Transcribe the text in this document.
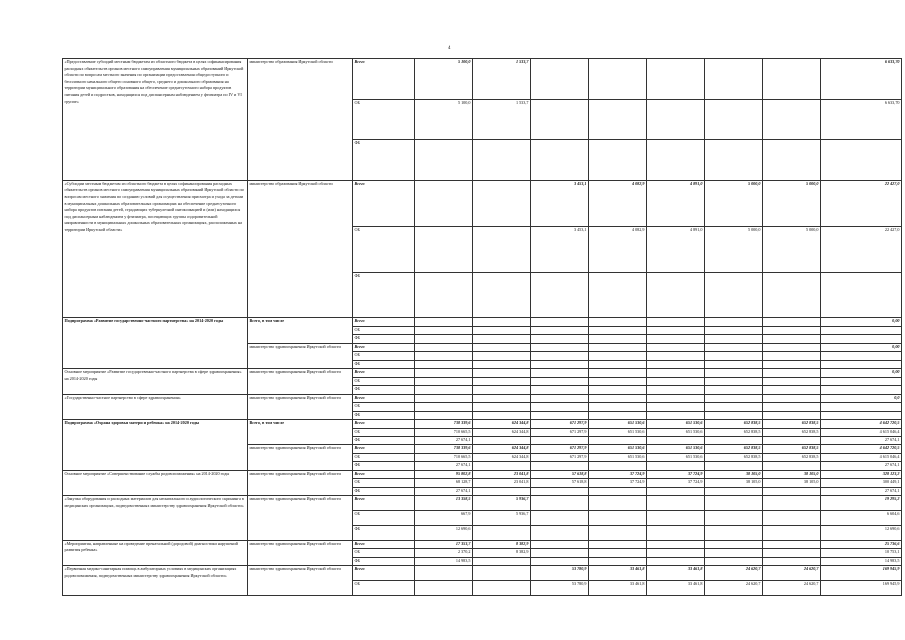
4
«Предоставление субсидий местным бюджетам из областного бюджета в целях софинансирования расходных обязательств органов местного самоуправления муниципальных образований Иркутской области по вопросам местного значения по организации предоставления общедоступного и бесплатного начального общего основного общего, среднего и дошкольного образования на территории муниципального образования на обеспечение среднесуточного набора продуктов питания детей и подростков, находящихся под диспансерным наблюдением у фтизиатра по IV и VI группе»	министерство образования Иркутской области	Всего	5 100,0	1 533,7						6 633,70
		ОБ	5 100,0	1 533,7						6 633,70
		ФБ								
«Субсидии местным бюджетам из областного бюджета в целях софинансирования расходных обязательств органов местного самоуправления муниципальных образований Иркутской области по вопросам местного значения по созданию условий для осуществления присмотра и ухода за детьми в муниципальных дошкольных образовательных организациях на обеспечение среднесуточного набора продуктов питания детей, страдающих туберкулезной интоксикацией и (или) находящихся под диспансерным наблюдением у фтизиатра, посещающих группы оздоровительной направленности в муниципальных дошкольных образовательных организациях, расположенных на территории Иркутской области»	министерство образования Иркутской области	Всего			3 453,1	4 082,9	4 891,0	5 000,0	5 000,0	22 427,0
		ОБ			3 453,1	4 082,9	4 891,0	5 000,0	5 000,0	22 427,0
		ФБ								
Подпрограмма «Развитие государственно-частного партнерства» на 2014-2020 годы	Всего, в том числе	Всего								0,00
		ОБ								
		ФБ								
	министерство здравоохранения Иркутской области	Всего								0,00
		ОБ								
		ФБ								
Основное мероприятие «Развитие государственно-частного партнерства в сфере здравоохранения» на 2014-2020 годы	министерство здравоохранения Иркутской области	Всего								0,00
		ОБ								
		ФБ								
«Государственно-частное партнерство в сфере здравоохранения»	министерство здравоохранения Иркутской области	Всего								0,0
		ОБ								
		ФБ								
Подпрограмма «Охрана здоровья матери и ребенка» на 2014-2020 годы	Всего, в том числе	Всего	738 339,6	624 344,8	671 297,9	651 530,6	651 530,6	652 838,5	652 838,5	4 642 720,5
		ОБ	710 665,5	624 344,8	671 297,9	651 530,6	651 530,6	652 838,5	652 838,5	4 615 046,4
		ФБ	27 674,1							27 674,1
	министерство здравоохранения Иркутской области	Всего	738 339,6	624 344,8	671 297,9	651 530,6	651 530,6	652 838,5	652 838,5	4 642 720,5
		ОБ	710 665,5	624 344,8	671 297,9	651 530,6	651 530,6	652 838,5	652 838,5	4 615 046,4
		ФБ	27 674,1							27 674,1
Основное мероприятие «Совершенствование службы родовспоможения» на 2014-2020 годы	министерство здравоохранения Иркутской области	Всего	95 802,8	23 041,8	57 618,8	37 724,9	37 724,9	38 105,0	38 105,0	328 123,2
		ОБ	68 128,7	23 041,8	57 618,8	37 724,9	37 724,9	38 105,0	38 105,0	300 449,1
		ФБ	27 674,1							27 674,1
«Закупка оборудования и расходных материалов для неонатального и аудиологического скрининга в медицинских организациях, подведомственных министерству здравоохранения Иркутской области»	министерство здравоохранения Иркутской области	Всего	13 358,5	5 936,7						19 295,2
		ОБ	667,9	5 936,7						6 604,6
		ФБ	12 690,6							12 690,6
«Мероприятия, направленные на проведение пренатальной (дородовой) диагностики нарушений развития ребенка»	министерство здравоохранения Иркутской области	Всего	17 353,7	8 382,9						25 736,6
		ОБ	2 370,2	8 382,9						10 753,1
		ФБ	14 983,5							14 983,5
«Первичная медико-санитарная помощь в амбулаторных условиях в медицинских организациях родовспоможения, подведомственных министерству здравоохранения Иркутской области»	министерство здравоохранения Иркутской области	Всего			53 780,9	33 461,8	33 461,8	24 620,7	24 620,7	169 945,9
		ОБ			53 780,9	33 461,8	33 461,8	24 620,7	24 620,7	169 945,9
